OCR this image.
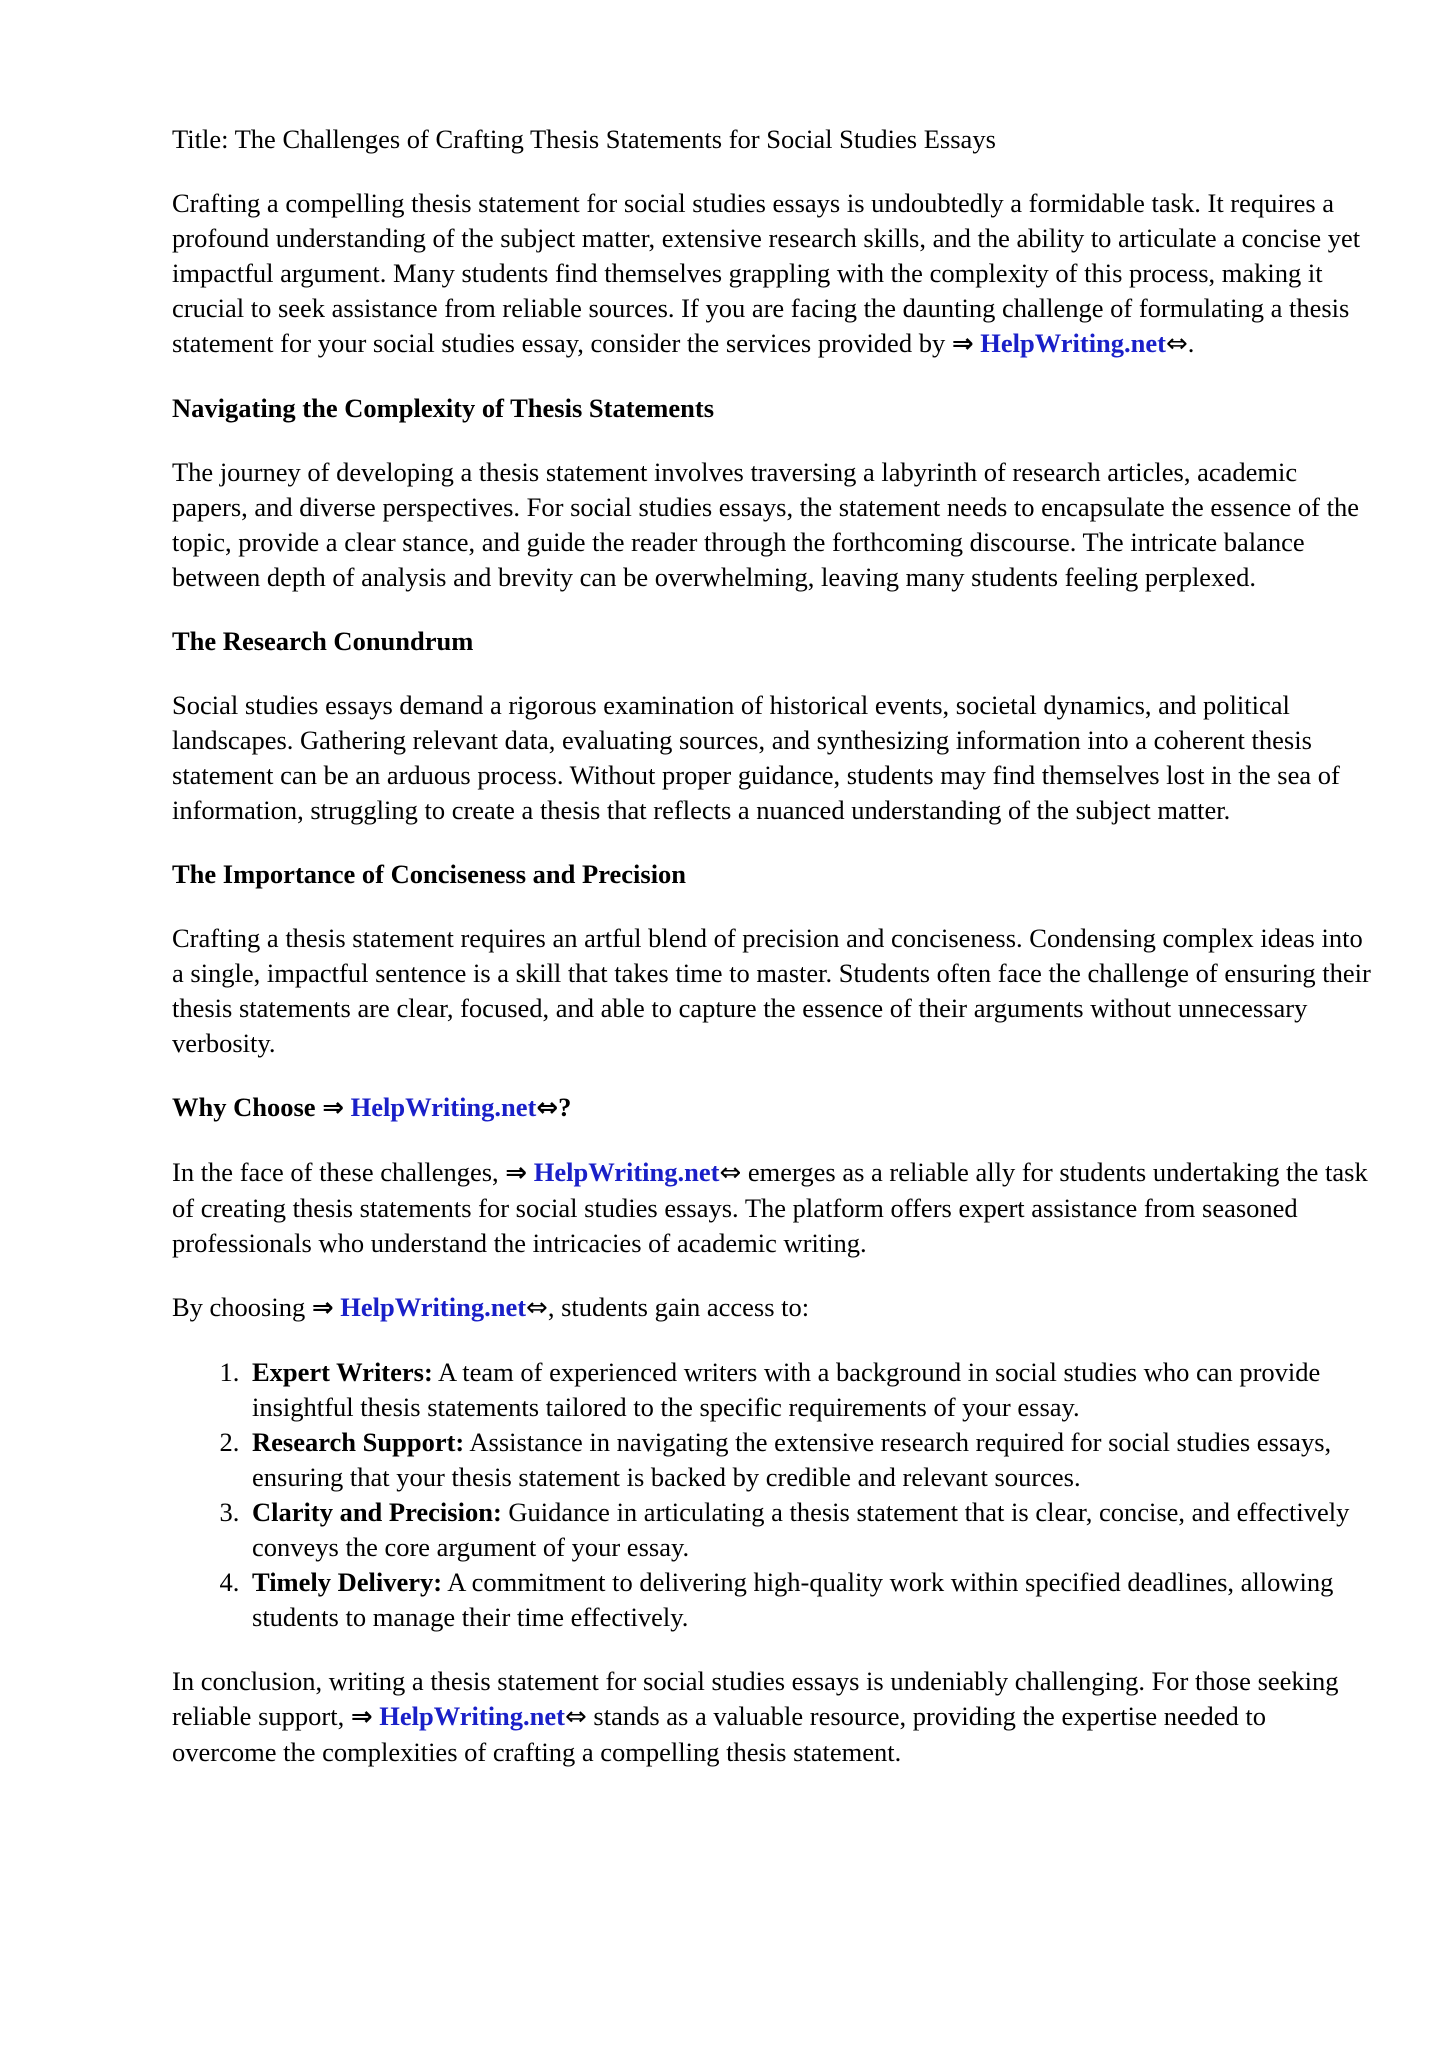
Title: The Challenges of Crafting Thesis Statements for Social Studies Essays

Crafting a compelling thesis statement for social studies essays is undoubtedly a formidable task. It requires a profound understanding of the subject matter, extensive research skills, and the ability to articulate a concise yet impactful argument. Many students find themselves grappling with the complexity of this process, making it crucial to seek assistance from reliable sources. If you are facing the daunting challenge of formulating a thesis statement for your social studies essay, consider the services provided by ⇒ HelpWriting.net⇔.

Navigating the Complexity of Thesis Statements

The journey of developing a thesis statement involves traversing a labyrinth of research articles, academic papers, and diverse perspectives. For social studies essays, the statement needs to encapsulate the essence of the topic, provide a clear stance, and guide the reader through the forthcoming discourse. The intricate balance between depth of analysis and brevity can be overwhelming, leaving many students feeling perplexed.

The Research Conundrum

Social studies essays demand a rigorous examination of historical events, societal dynamics, and political landscapes. Gathering relevant data, evaluating sources, and synthesizing information into a coherent thesis statement can be an arduous process. Without proper guidance, students may find themselves lost in the sea of information, struggling to create a thesis that reflects a nuanced understanding of the subject matter.

The Importance of Conciseness and Precision

Crafting a thesis statement requires an artful blend of precision and conciseness. Condensing complex ideas into a single, impactful sentence is a skill that takes time to master. Students often face the challenge of ensuring their thesis statements are clear, focused, and able to capture the essence of their arguments without unnecessary verbosity.

Why Choose ⇒ HelpWriting.net⇔?

In the face of these challenges, ⇒ HelpWriting.net⇔ emerges as a reliable ally for students undertaking the task of creating thesis statements for social studies essays. The platform offers expert assistance from seasoned professionals who understand the intricacies of academic writing.

By choosing ⇒ HelpWriting.net⇔, students gain access to:

1. Expert Writers: A team of experienced writers with a background in social studies who can provide insightful thesis statements tailored to the specific requirements of your essay.
2. Research Support: Assistance in navigating the extensive research required for social studies essays, ensuring that your thesis statement is backed by credible and relevant sources.
3. Clarity and Precision: Guidance in articulating a thesis statement that is clear, concise, and effectively conveys the core argument of your essay.
4. Timely Delivery: A commitment to delivering high-quality work within specified deadlines, allowing students to manage their time effectively.

In conclusion, writing a thesis statement for social studies essays is undeniably challenging. For those seeking reliable support, ⇒ HelpWriting.net⇔ stands as a valuable resource, providing the expertise needed to overcome the complexities of crafting a compelling thesis statement.
